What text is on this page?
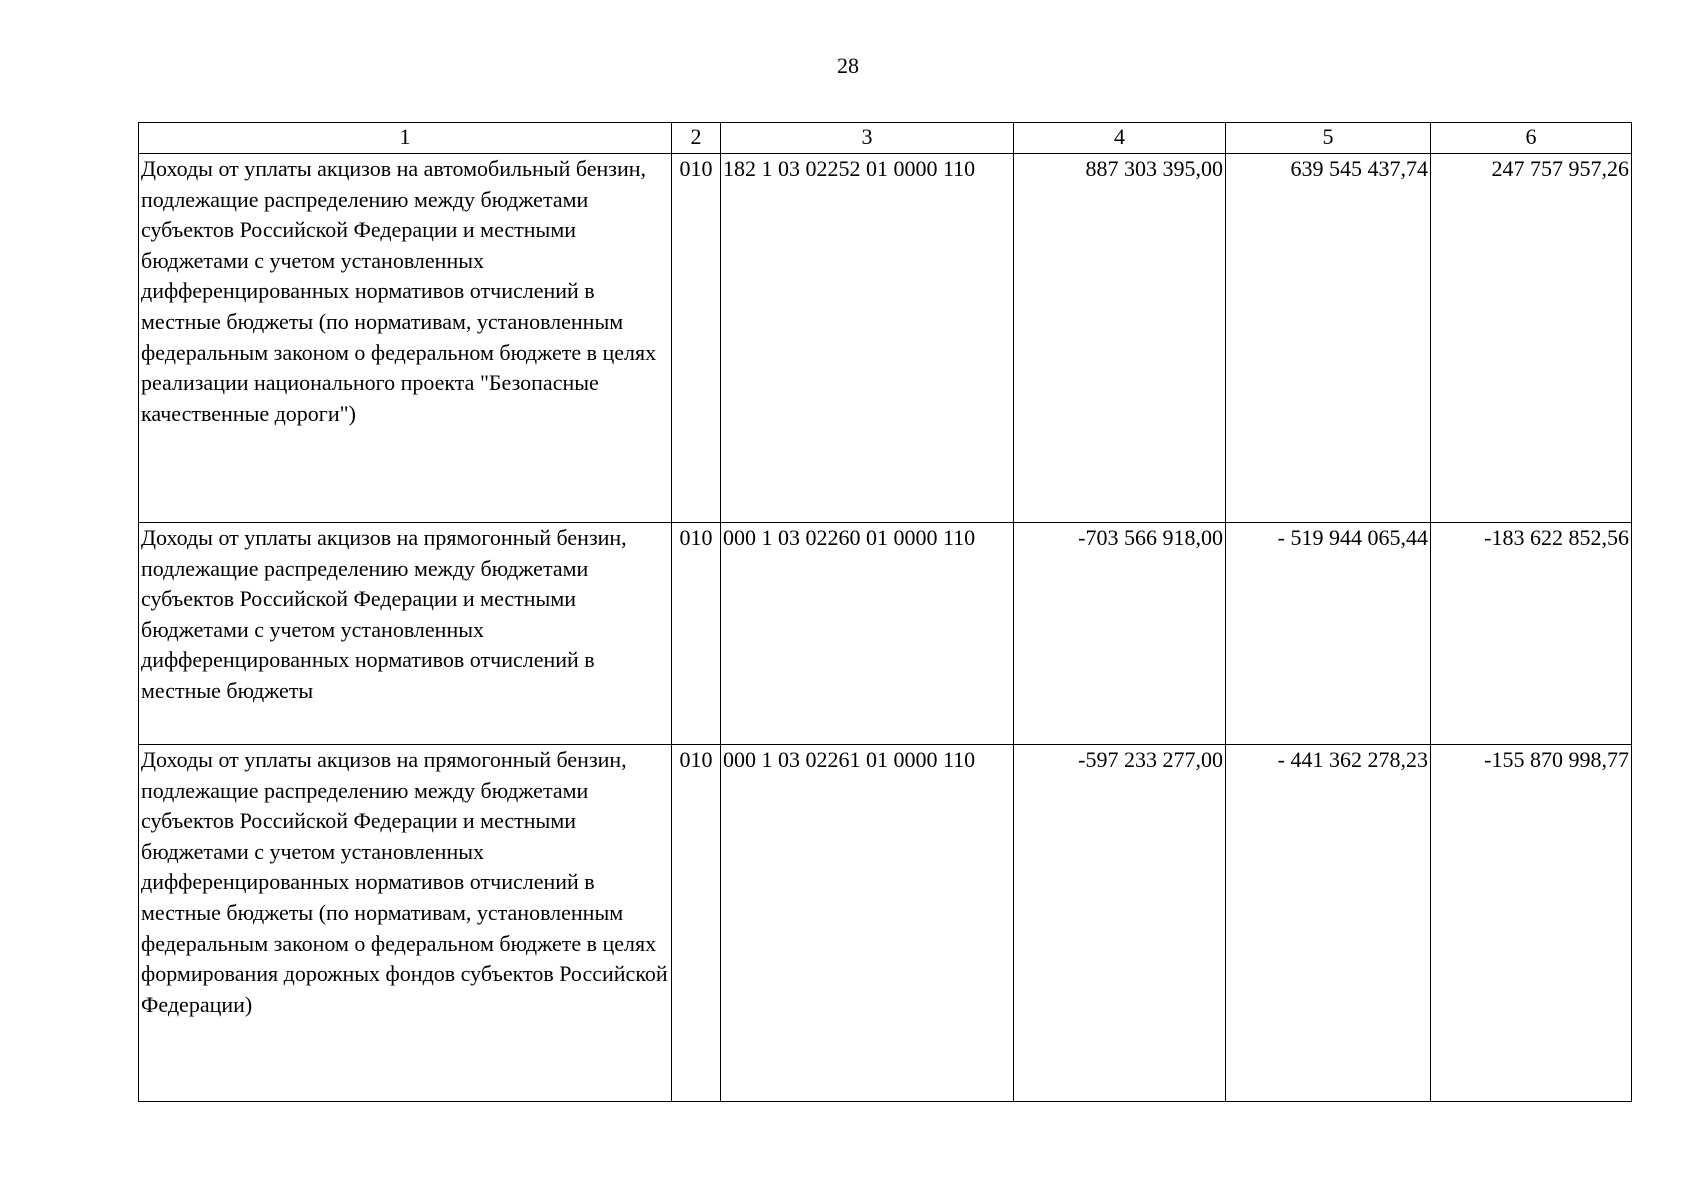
28
1	2	3	4	5	6
Доходы от уплаты акцизов на автомобильный бензин, подлежащие распределению между бюджетами субъектов Российской Федерации и местными бюджетами с учетом установленных дифференцированных нормативов отчислений в местные бюджеты (по нормативам, установленным федеральным законом о федеральном бюджете в целях реализации национального проекта "Безопасные качественные дороги")	010	182 1 03 02252 01 0000 110	887 303 395,00	639 545 437,74	247 757 957,26
Доходы от уплаты акцизов на прямогонный бензин, подлежащие распределению между бюджетами субъектов Российской Федерации и местными бюджетами с учетом установленных дифференцированных нормативов отчислений в местные бюджеты	010	000 1 03 02260 01 0000 110	-703 566 918,00	- 519 944 065,44	-183 622 852,56
Доходы от уплаты акцизов на прямогонный бензин, подлежащие распределению между бюджетами субъектов Российской Федерации и местными бюджетами с учетом установленных дифференцированных нормативов отчислений в местные бюджеты (по нормативам, установленным федеральным законом о федеральном бюджете в целях формирования дорожных фондов субъектов Российской Федерации)	010	000 1 03 02261 01 0000 110	-597 233 277,00	- 441 362 278,23	-155 870 998,77
